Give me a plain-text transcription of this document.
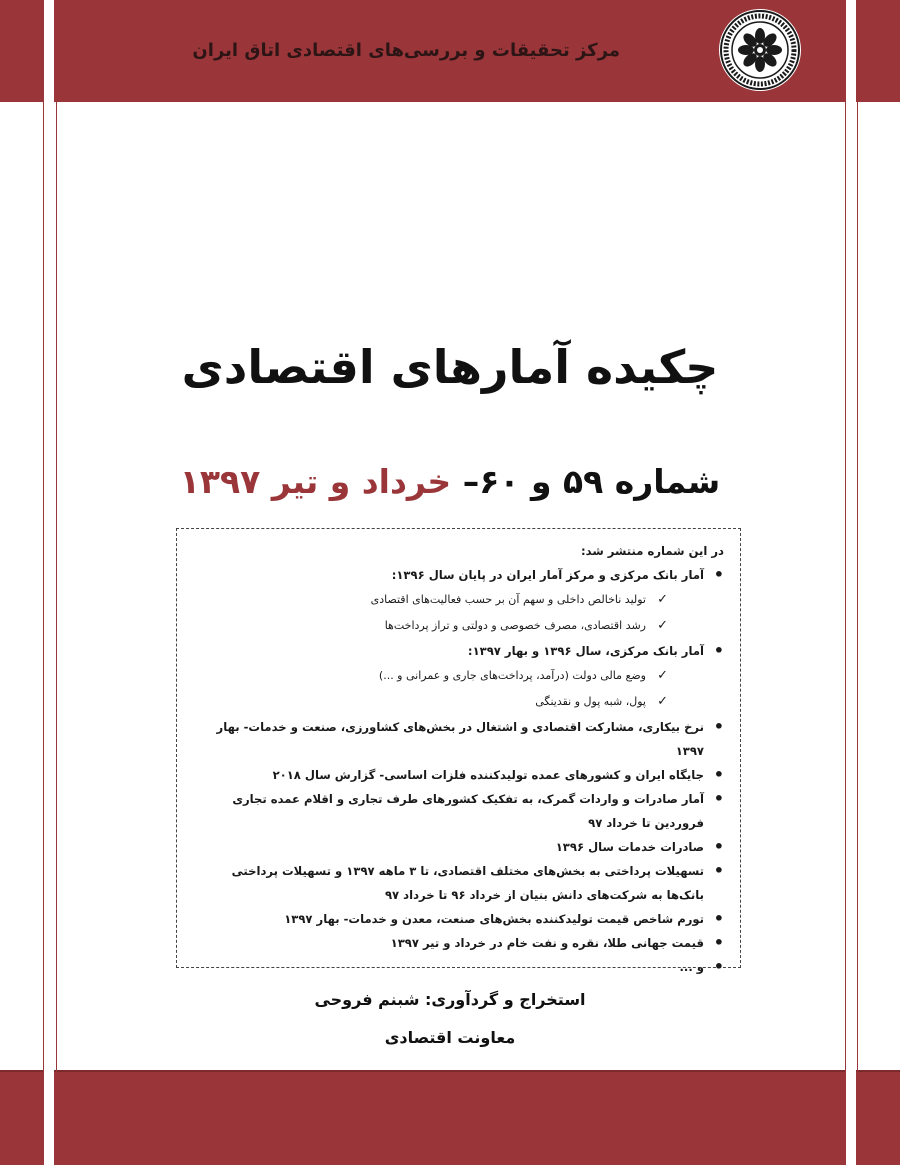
مرکز تحقیقات و بررسی‌های اقتصادی اتاق ایران
چکیده آمارهای اقتصادی
شماره ۵۹ و ۶۰– خرداد و تیر ۱۳۹۷
در این شماره منتشر شد:
• آمار بانک مرکزی و مرکز آمار ایران در پایان سال ۱۳۹۶:
✓
تولید ناخالص داخلی و سهم آن بر حسب فعالیت‌های اقتصادی
✓
رشد اقتصادی، مصرف خصوصی و دولتی و تراز پرداخت‌ها
• آمار بانک مرکزی، سال ۱۳۹۶ و بهار ۱۳۹۷:
✓
وضع مالی دولت (درآمد، پرداخت‌های جاری و عمرانی و ...)
✓
پول، شبه پول و نقدینگی
• نرخ بیکاری، مشارکت اقتصادی و اشتغال در بخش‌های کشاورزی، صنعت و خدمات- بهار ۱۳۹۷
• جایگاه ایران و کشورهای عمده تولیدکننده فلزات اساسی- گزارش سال ۲۰۱۸
• آمار صادرات و واردات گمرک، به تفکیک کشورهای طرف تجاری و اقلام عمده تجاری فروردین تا خرداد ۹۷
• صادرات خدمات سال ۱۳۹۶
• تسهیلات پرداختی به بخش‌های مختلف اقتصادی، تا ۳ ماهه ۱۳۹۷ و تسهیلات پرداختی بانک‌ها به شرکت‌های دانش بنیان از خرداد ۹۶ تا خرداد ۹۷
• تورم شاخص قیمت تولیدکننده بخش‌های صنعت، معدن و خدمات- بهار ۱۳۹۷
• قیمت جهانی طلا، نقره و نفت خام در خرداد و تیر ۱۳۹۷
• و ...
استخراج و گردآوری: شبنم فروحی
معاونت اقتصادی
